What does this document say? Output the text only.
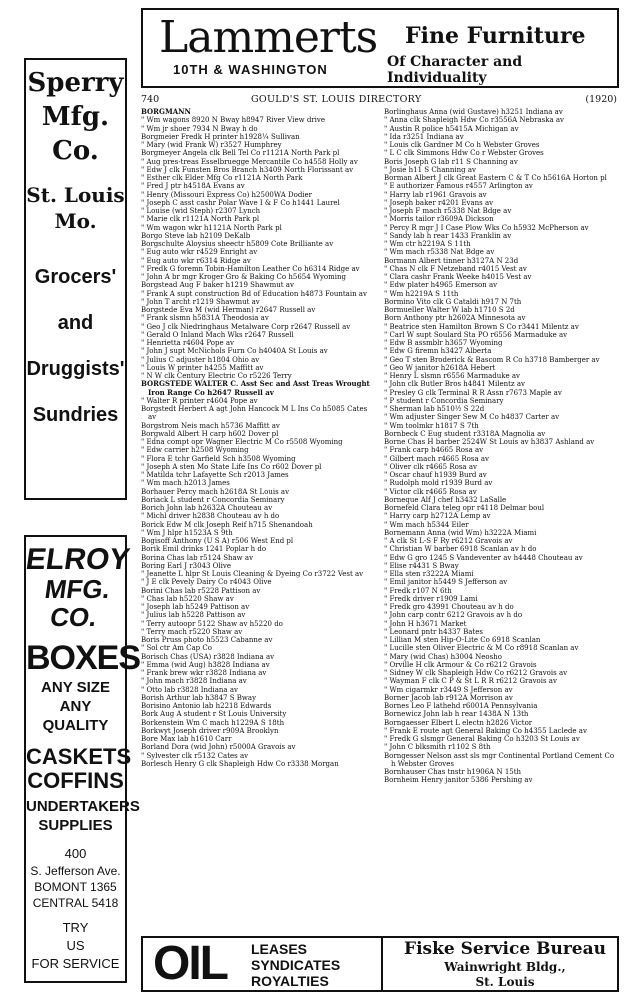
Lammerts
10TH & WASHINGTON
Fine Furniture
Of Character and Individuality
740	GOULD'S ST. LOUIS DIRECTORY	(1920)
Sperry
Mfg.
Co.
St. Louis
Mo.
Grocers'
and
Druggists'
Sundries
ELROY
MFG. CO.
BOXES
ANY SIZE
ANY QUALITY
CASKETS
COFFINS
UNDERTAKERS
SUPPLIES
400
S. Jefferson Ave.
BOMONT 1365
CENTRAL 5418
TRY
US
FOR SERVICE
BORGMANN
" Wm wagons 8920 N Bway h8947 River View drive
" Wm jr shoer 7934 N Bway h do
Borgmeier Fredk H printer h1928¼ Sullivan
" Mary (wid Frank W) r3527 Humphrey
Borgmeyer Angela clk Bell Tel Co r1121A North Park pl
" Aug pres-treas Esselbruegge Mercantile Co h4558 Holly av
" Edw J clk Funsten Bros Branch h3409 North Florissant av
" Esther clk Elder Mfg Co r1121A North Park
" Fred J ptr h4518A Evans av
" Henry (Missouri Express Co) h2500WA Dodier
" Joseph C asst cashr Polar Wave I & F Co h1441 Laurel
" Louise (wid Steph) r2307 Lynch
" Marie clk r1121A North Park pl
" Wm wagon wkr h1121A North Park pl
Borgo Steve lab h2109 DeKalb
Borgschulte Aloysius sheectr h5809 Cote Brilliante av
" Eug auto wkr r4529 Enright av
" Eug auto wkr r6314 Ridge av
" Fredk G foremn Tobin-Hamilton Leather Co h6314 Ridge av
" John A br mgr Kroger Gro & Baking Co h5654 Wyoming
Borgstead Aug F baker h1219 Shawmut av
" Frank A supt construction Bd of Education h4873 Fountain av
" John T archt r1219 Shawmut av
Borgstede Eva M (wid Herman) r2647 Russell av
" Frank slsmn h5831A Theodosia av
" Geo J clk Niedringhaus Metalware Corp r2647 Russell av
" Gerald O Inland Mach Wks r2647 Russell
" Henrietta r4604 Pope av
" John J supt McNichols Furn Co h4040A St Louis av
" Julius C adjuster h1804 Ohio av
" Louis W printer h4255 Maffitt av
" N W clk Century Electric Co r5226 Terry
BORGSTEDE WALTER C. Asst Sec and Asst Treas Wrought Iron Range Co h2647 Russell av
" Walter R printer r4604 Pope av
Borgstedt Herbert A agt John Hancock M L Ins Co h5085 Cates av
Borgstrom Neis mach h5736 Maffitt av
Borgwald Albert H carp h602 Dover pl
" Edna compt opr Wagner Electric M Co r5508 Wyoming
" Edw carrier h2508 Wyoming
" Flora E tchr Garfield Sch h3508 Wyoming
" Joseph A sten Mo State Life Ins Co r602 Dover pl
" Matilda tchr Lafayette Sch r2013 James
" Wm mach h2013 James
Borhauer Percy mach h2618A St Louis av
Boriack L student r Concordia Seminary
Borich John lab h2632A Chouteau av
" Michl driver h2838 Chouteau av h do
Borick Edw M clk Joseph Reif h715 Shenandoah
" Wm J hlpr h1523A S 9th
Bogisoff Anthony (U S A) r506 West End pl
Borik Emil drinks 1241 Poplar h do
Borina Chas lab r5124 Shaw av
Boring Earl J r3043 Olive
" Jeanette L hlpr St Louis Cleaning & Dyeing Co r3722 Vest av
" J E clk Pevely Dairy Co r4043 Olive
Borini Chas lab r5228 Pattison av
" Chas lab h5220 Shaw av
" Joseph lab h5249 Pattison av
" Julius lab h5228 Pattison av
" Terry autoopr 5122 Shaw av h5220 do
" Terry mach r5220 Shaw av
Boris Pruss photo h5523 Cabanne av
" Sol ctr Am Cap Co
Borisch Chas (USA) r3828 Indiana av
" Emma (wid Aug) h3828 Indiana av
" Frank brew wkr r3828 Indiana av
" John mach r3828 Indiana av
" Otto lab r3828 Indiana av
Borish Arthur lab h3847 S Bway
Borisino Antonio lab h2218 Edwards
Bork Aug A student r St Louis University
Borkenstein Wm C mach h1229A S 18th
Borkwyt Joseph driver r909A Brooklyn
Bore Max lab h1610 Carr
Borland Dora (wid John) r5000A Gravois av
" Sylvester clk r5132 Cates av
Borlesch Henry G clk Shapleigh Hdw Co r3338 Morgan
Borlinghaus Anna (wid Gustave) h3251 Indiana av
" Anna clk Shapleigh Hdw Co r3556A Nebraska av
" Austin R police h5415A Michigan av
" Ida r3251 Indiana av
" Louis clk Gardner M Co h Webster Groves
" L C clk Simmons Hdw Co r Webster Groves
Boris Joseph G lab r11 S Channing av
" Josie h11 S Channing av
Borman Albert J clk Great Eastern C & T Co h5616A Horton pl
" E authorizer Famous r4557 Arlington av
" Harry lab r1961 Gravois av
" Joseph baker r4201 Evans av
" Joseph F mach r5338 Nat Bdge av
" Morris tailor r3609A Dickson
" Percy R mgr J I Case Plow Wks Co h5932 McPherson av
" Sandy lab h rear 1433 Franklin av
" Wm ctr h2219A S 11th
" Wm mach r5338 Nat Bdge av
Bormann Albert tinner h3127A N 23d
" Chas N clk F Netzeband r4015 Vest av
" Clara cashr Frank Weeke h4015 Vest av
" Edw plater h4965 Emerson av
" Wm h2219A S 11th
Bormino Vito clk G Cataldi h917 N 7th
Bormueller Walter W lab h1710 S 2d
Born Anthony ptr h2602A Minnesota av
" Beatrice sten Hamilton Brown S Co r3441 Milentz av
" Carl W supt Soulard Sta PO r6556 Marmaduke av
" Edw B assmblr h3657 Wyoming
" Edw G firemn h3427 Alberta
" Geo T sten Broderick & Bascom R Co h3718 Bamberger av
" Geo W janitor h2618A Hebert
" Henry L slsmn r6556 Marmaduke av
" John clk Butler Bros h4841 Milentz av
" Presley G clk Terminal R R Assn r7673 Maple av
" P student r Concordia Seminary
" Sherman lab h510½ S 22d
" Wm adjuster Singer Sew M Co h4837 Carter av
" Wm toolmkr h1817 S 7th
Bornbeck C Eug student r3318A Magnolia av
Borne Chas H barber 2524W St Louis av h3837 Ashland av
" Frank carp h4665 Rosa av
" Gilbert mach r4665 Rosa av
" Oliver clk r4665 Rosa av
" Oscar chauf h1939 Burd av
" Rudolph mold r1939 Burd av
" Victor clk r4665 Rosa av
Borneque Alf J chef h3432 LaSalle
Bornefeld Clara teleg opr r4118 Delmar boul
" Harry carp h2712A Lemp av
" Wm mach h5344 Eiler
Bornemann Anna (wid Wm) h3222A Miami
" A clk St L-S F Ry r6212 Gravois av
" Christian W barber 6918 Scanlan av h do
" Edw G gro 1245 S Vandeventer av h4448 Chouteau av
" Elise r4431 S Bway
" Ella sten r3222A Miami
" Emil janitor h5449 S Jefferson av
" Fredk r107 N 6th
" Fredk driver r1909 Lami
" Fredk gro 43991 Chouteau av h do
" John carp contr 6212 Gravois av h do
" John H h3671 Market
" Leonard pntr h4337 Bates
" Lillian M sten Hip-O-Lite Co 6918 Scanlan
" Lucille sten Oliver Electric & M Co r8918 Scanlan av
" Mary (wid Chas) h3004 Neosho
" Orville H clk Armour & Co r6212 Gravois
" Sidney W clk Shapleigh Hdw Co r6212 Gravois av
" Wayman F clk C P & St L R R r6212 Gravois av
" Wm cigarmkr r3449 S Jefferson av
Borner Jacob lab r912A Morrison av
Bornes Leo F lathehd r6001A Pennsylvania
Bornewicz John lab h rear 1438A N 13th
Borngaesser Elbert L electn h2826 Victor
" Frank E route agt General Baking Co h4355 Laclede av
" Fredk G slsmgr General Baking Co h3203 St Louis av
" John C blksmith r1102 S 8th
Borngesser Nelson asst sls mgr Continental Portland Cement Co h Webster Groves
Bornhauser Chas tnstr h1906A N 15th
Bornheim Henry janitor 5386 Pershing av
OIL LEASES
SYNDICATES
ROYALTIES
Fiske Service Bureau
Wainwright Bldg.,
St. Louis
